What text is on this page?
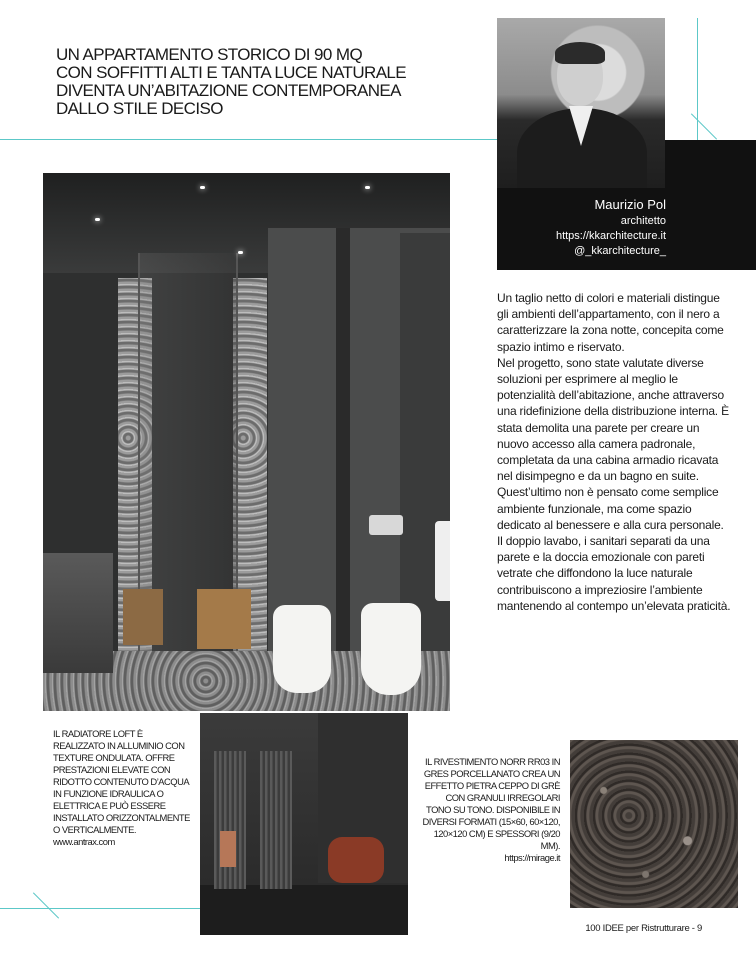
UN APPARTAMENTO STORICO DI 90 MQ
CON SOFFITTI ALTI E TANTA LUCE NATURALE
DIVENTA UN’ABITAZIONE CONTEMPORANEA
DALLO STILE DECISO
Maurizio Pol
architetto
https://kkarchitecture.it
@_kkarchitecture_

Un taglio netto di colori e materiali distingue gli ambienti dell’appartamento, con il nero a caratterizzare la zona notte, concepita come spazio intimo e riservato.

Nel progetto, sono state valutate diverse soluzioni per esprimere al meglio le potenzialità dell’abitazione, anche attraverso una ridefinizione della distribuzione interna. È stata demolita una parete per creare un nuovo accesso alla camera padronale, completata da una cabina armadio ricavata nel disimpegno e da un bagno en suite.

Quest’ultimo non è pensato come semplice ambiente funzionale, ma come spazio dedicato al benessere e alla cura personale. Il doppio lavabo, i sanitari separati da una parete e la doccia emozionale con pareti vetrate che diffondono la luce naturale contribuiscono a impreziosire l’ambiente mantenendo al contempo un’elevata praticità.

IL RADIATORE LOFT È REALIZZATO IN ALLUMINIO CON TEXTURE ONDULATA. OFFRE PRESTAZIONI ELEVATE CON RIDOTTO CONTENUTO D’ACQUA IN FUNZIONE IDRAULICA O ELETTRICA E PUÒ ESSERE INSTALLATO ORIZZONTALMENTE O VERTICALMENTE.
www.antrax.com
IL RIVESTIMENTO NORR RR03 IN GRES PORCELLANATO CREA UN EFFETTO PIETRA CEPPO DI GRÈ CON GRANULI IRREGOLARI TONO SU TONO. DISPONIBILE IN DIVERSI FORMATI (15×60, 60×120, 120×120 CM) E SPESSORI (9/20 MM).
https://mirage.it
100 IDEE per Ristrutturare - 9
